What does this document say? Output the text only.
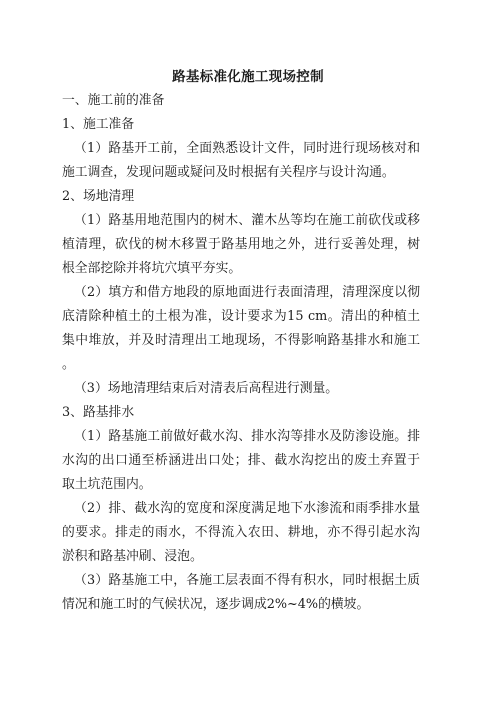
路基标准化施工现场控制
一、施工前的准备
1、施工准备

（1）路基开工前，全面熟悉设计文件，同时进行现场核对和施工调查，发现问题或疑问及时根据有关程序与设计沟通。

2、场地清理

（1）路基用地范围内的树木、灌木丛等均在施工前砍伐或移植清理，砍伐的树木移置于路基用地之外，进行妥善处理，树根全部挖除并将坑穴填平夯实。

（2）填方和借方地段的原地面进行表面清理，清理深度以彻底清除种植土的土根为准，设计要求为15 cm。清出的种植土集中堆放，并及时清理出工地现场，不得影响路基排水和施工。

（3）场地清理结束后对清表后高程进行测量。
3、路基排水

（1）路基施工前做好截水沟、排水沟等排水及防渗设施。排水沟的出口通至桥涵进出口处；排、截水沟挖出的废土弃置于取土坑范围内。

（2）排、截水沟的宽度和深度满足地下水渗流和雨季排水量的要求。排走的雨水，不得流入农田、耕地，亦不得引起水沟淤积和路基冲刷、浸泡。

（3）路基施工中，各施工层表面不得有积水，同时根据土质情况和施工时的气候状况，逐步调成2%~4%的横坡。
